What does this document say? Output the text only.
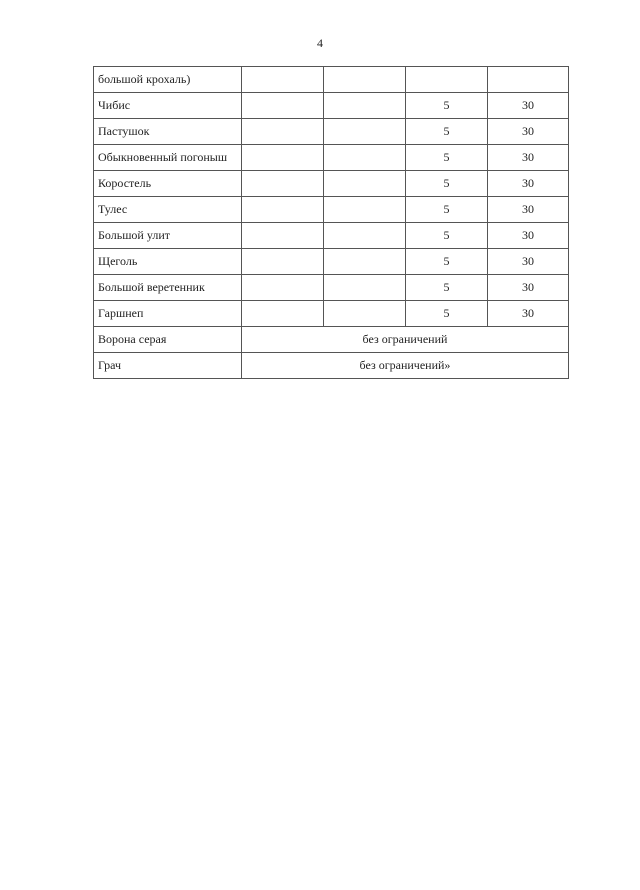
4
большой крохаль)				
Чибис			5	30
Пастушок			5	30
Обыкновенный погоныш			5	30
Коростель			5	30
Тулес			5	30
Большой улит			5	30
Щеголь			5	30
Большой веретенник			5	30
Гаршнеп			5	30
Ворона серая	без ограничений			
Грач	без ограничений»			
